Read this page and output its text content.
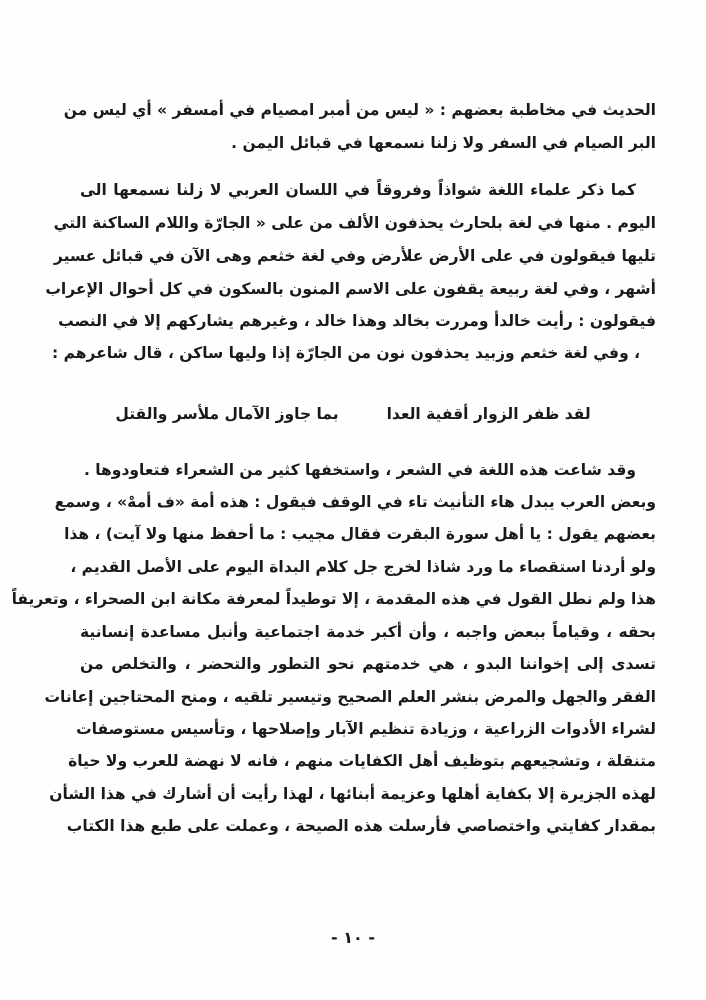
الحديث في مخاطبة بعضهم : « ليس من أمبر امصيام في أمسفر » أي ليس من
البر الصيام في السفر ولا زلنا نسمعها في قبائل اليمن .
كما ذكر علماء اللغة شواذاً وفروقاً في اللسان العربي لا زلنا نسمعها الى
اليوم . منها في لغة بلحارث يحذفون الألف من على « الجارّة واللام الساكنة التي
تليها فيقولون في على الأرض علأرض وفي لغة خثعم وهى الآن في قبائل عسير
أشهر ، وفي لغة ربيعة يقفون على الاسم المنون بالسكون في كل أحوال الإعراب
فيقولون : رأيت خالدأ ومررت بخالد وهذا خالد ، وغيرهم يشاركهم إلا في النصب
، وفي لغة خثعم وزبيد يحذفون نون من الجارّة إذا وليها ساكن ، قال شاعرهم :
لقد ظفر الزوار أقفية العدا
بما جاوز الآمال ملأسر والقتل
وقد شاعت هذه اللغة في الشعر ، واستخفها كثير من الشعراء فتعاودوها .
وبعض العرب يبدل هاء التأنيث تاء في الوقف فيقول : هذه أمة «ف أمهْ» ، وسمع
بعضهم يقول : يا أهل سورة البقرت فقال مجيب : ما أحفظ منها ولا آيت) ، هذا
ولو أردنا استقصاء ما ورد شاذا لخرج جل كلام البداة اليوم على الأصل القديم ،
هذا ولم نطل القول في هذه المقدمة ، إلا توطيداً لمعرفة مكانة ابن الصحراء ، وتعريفاً
بحقه ، وقياماً ببعض واجبه ، وأن أكبر خدمة اجتماعية وأنبل مساعدة إنسانية
تسدى إلى إخواننا البدو ، هي خدمتهم نحو التطور والتحضر ، والتخلص من
الفقر والجهل والمرض بنشر العلم الصحيح وتيسير تلقيه ، ومنح المحتاجين إعانات
لشراء الأدوات الزراعية ، وزيادة تنظيم الآبار وإصلاحها ، وتأسيس مستوصفات
متنقلة ، وتشجيعهم بتوظيف أهل الكفايات منهم ، فانه لا نهضة للعرب ولا حياة
لهذه الجزيرة إلا بكفاية أهلها وعزيمة أبنائها ، لهذا رأيت أن أشارك في هذا الشأن
بمقدار كفايتي واختصاصي فأرسلت هذه الصيحة ، وعملت على طبع هذا الكتاب
- ١٠ -
